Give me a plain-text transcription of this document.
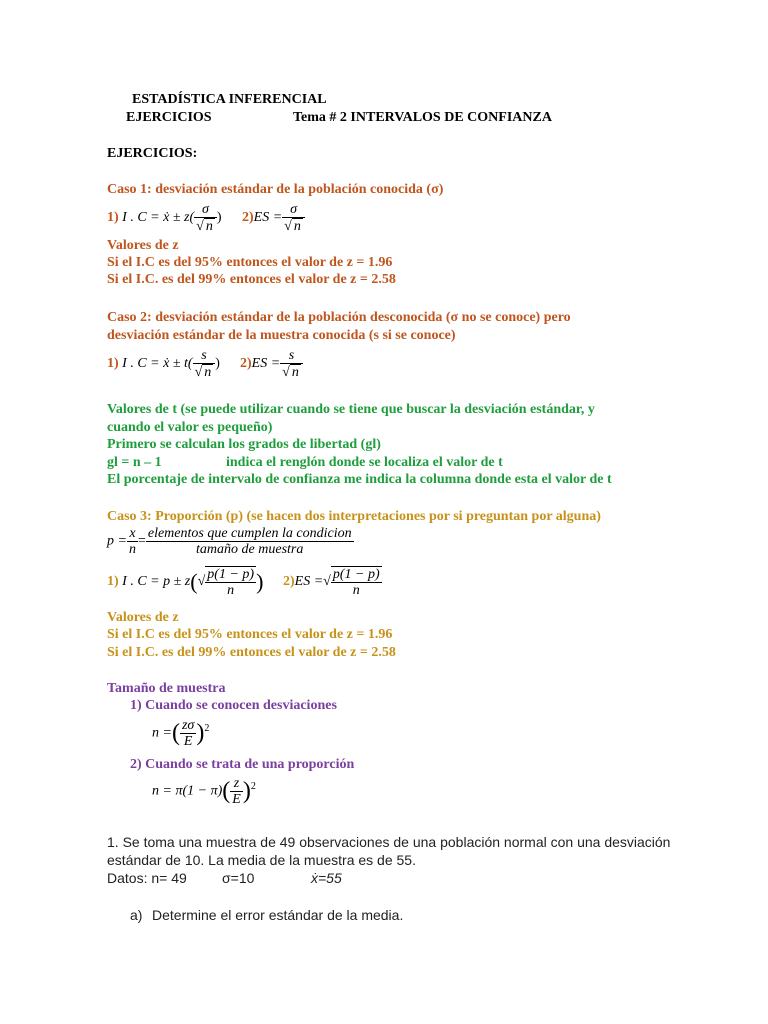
ESTADÍSTICA INFERENCIAL
EJERCICIOS	Tema # 2 INTERVALOS DE CONFIANZA
EJERCICIOS:
Caso 1: desviación estándar de la población conocida (σ)
1) I . C = ẋ ± $z( \frac{\sigma}{√ n}$ ) $2)ES = \frac{\sigma}{√ n}$
Valores de z
Si el I.C es del 95% entonces el valor de z = 1.96
Si el I.C. es del 99% entonces el valor de z = 2.58
Caso 2: desviación estándar de la población desconocida (σ no se conoce) pero
desviación estándar de la muestra conocida (s si se conoce)
1) I . C = ẋ ± $t( \frac{s}{√ n}$ ) $2)ES = \frac{s}{√ n}$
Valores de t (se puede utilizar cuando se tiene que buscar la desviación estándar, y
cuando el valor es pequeño)
Primero se calculan los grados de libertad (gl)
gl = n – 1	indica el renglón donde se localiza el valor de t
El porcentaje de intervalo de confianza me indica la columna donde esta el valor de t
Caso 3: Proporción (p) (se hacen dos interpretaciones por si preguntan por alguna)
$p = \frac{x}{n} = \frac{\text{elementos que cumplen la condicion}}{\text{tamaño de muestra}}$
1) I . $C = p \pm z(√ \frac{p(1 - p)}{n}$ ) 2)ES =√ $\frac{p(1 - p)}{n}$
Valores de z
Si el I.C es del 95% entonces el valor de z = 1.96
Si el I.C. es del 99% entonces el valor de z = 2.58
Tamaño de muestra
1) Cuando se conocen desviaciones
n =( $\frac{z\sigma}{E} )^2$
2) Cuando se trata de una proporción
$n = \pi(1 - \pi)( \frac{z}{E} )^2$
1. Se toma una muestra de 49 observaciones de una población normal con una desviación
estándar de 10. La media de la muestra es de 55.
Datos: n= 49	σ=10	ẋ=55
a) Determine el error estándar de la media.
